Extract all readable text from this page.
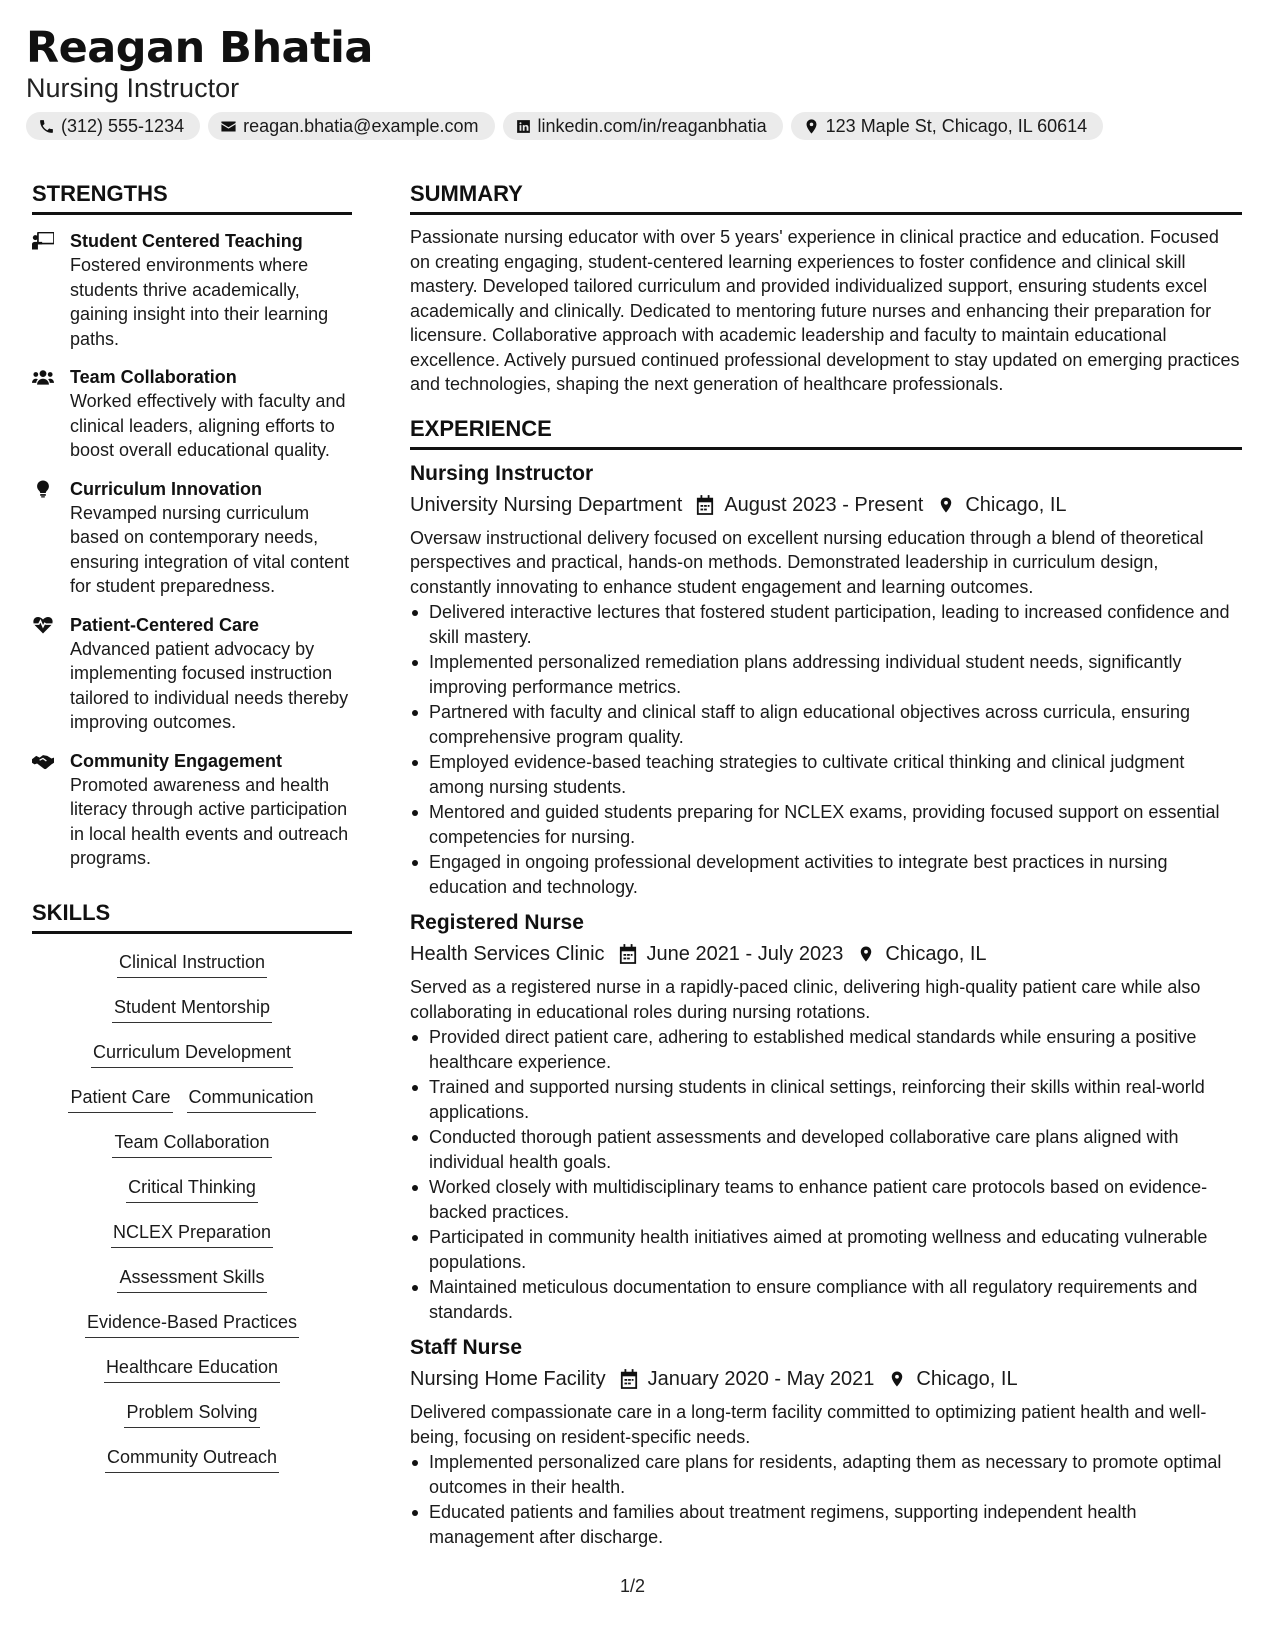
Reagan Bhatia
Nursing Instructor
(312) 555-1234	reagan.bhatia@example.com	linkedin.com/in/reaganbhatia	123 Maple St, Chicago, IL 60614
STRENGTHS
Student Centered Teaching
Fostered environments where students thrive academically, gaining insight into their learning paths.
Team Collaboration
Worked effectively with faculty and clinical leaders, aligning efforts to boost overall educational quality.
Curriculum Innovation
Revamped nursing curriculum based on contemporary needs, ensuring integration of vital content for student preparedness.
Patient-Centered Care
Advanced patient advocacy by implementing focused instruction tailored to individual needs thereby improving outcomes.
Community Engagement
Promoted awareness and health literacy through active participation in local health events and outreach programs.
SKILLS
Clinical Instruction
Student Mentorship
Curriculum Development
Patient Care Communication
Team Collaboration
Critical Thinking
NCLEX Preparation
Assessment Skills
Evidence-Based Practices
Healthcare Education
Problem Solving
Community Outreach
SUMMARY
Passionate nursing educator with over 5 years' experience in clinical practice and education. Focused on creating engaging, student-centered learning experiences to foster confidence and clinical skill mastery. Developed tailored curriculum and provided individualized support, ensuring students excel academically and clinically. Dedicated to mentoring future nurses and enhancing their preparation for licensure. Collaborative approach with academic leadership and faculty to maintain educational excellence. Actively pursued continued professional development to stay updated on emerging practices and technologies, shaping the next generation of healthcare professionals.
EXPERIENCE
Nursing Instructor
University Nursing Department August 2023 - Present Chicago, IL
Oversaw instructional delivery focused on excellent nursing education through a blend of theoretical perspectives and practical, hands-on methods. Demonstrated leadership in curriculum design, constantly innovating to enhance student engagement and learning outcomes.
Delivered interactive lectures that fostered student participation, leading to increased confidence and skill mastery.
Implemented personalized remediation plans addressing individual student needs, significantly improving performance metrics.
Partnered with faculty and clinical staff to align educational objectives across curricula, ensuring comprehensive program quality.
Employed evidence-based teaching strategies to cultivate critical thinking and clinical judgment among nursing students.
Mentored and guided students preparing for NCLEX exams, providing focused support on essential competencies for nursing.
Engaged in ongoing professional development activities to integrate best practices in nursing education and technology.
Registered Nurse
Health Services Clinic June 2021 - July 2023 Chicago, IL
Served as a registered nurse in a rapidly-paced clinic, delivering high-quality patient care while also collaborating in educational roles during nursing rotations.
Provided direct patient care, adhering to established medical standards while ensuring a positive healthcare experience.
Trained and supported nursing students in clinical settings, reinforcing their skills within real-world applications.
Conducted thorough patient assessments and developed collaborative care plans aligned with individual health goals.
Worked closely with multidisciplinary teams to enhance patient care protocols based on evidence-backed practices.
Participated in community health initiatives aimed at promoting wellness and educating vulnerable populations.
Maintained meticulous documentation to ensure compliance with all regulatory requirements and standards.
Staff Nurse
Nursing Home Facility January 2020 - May 2021 Chicago, IL
Delivered compassionate care in a long-term facility committed to optimizing patient health and well-being, focusing on resident-specific needs.
Implemented personalized care plans for residents, adapting them as necessary to promote optimal outcomes in their health.
Educated patients and families about treatment regimens, supporting independent health management after discharge.
1/2
